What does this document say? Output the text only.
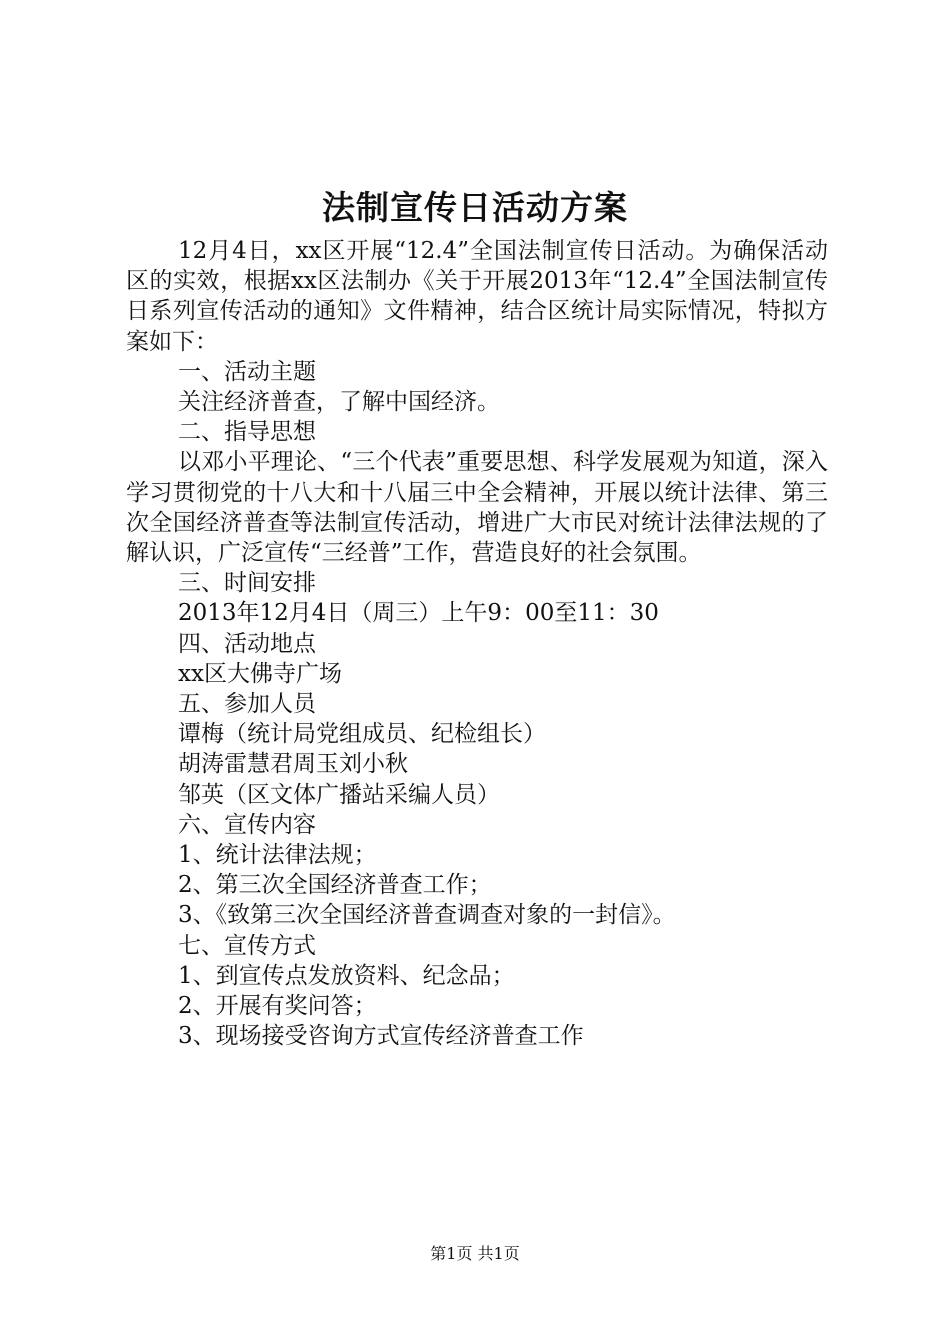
法制宣传日活动方案

12月4日，xx区开展“12.4”全国法制宣传日活动。为确保活动区的实效，根据xx区法制办《关于开展2013年“12.4”全国法制宣传日系列宣传活动的通知》文件精神，结合区统计局实际情况，特拟方案如下：

一、活动主题

关注经济普查，了解中国经济。

二、指导思想

以邓小平理论、“三个代表”重要思想、科学发展观为知道，深入学习贯彻党的十八大和十八届三中全会精神，开展以统计法律、第三次全国经济普查等法制宣传活动，增进广大市民对统计法律法规的了解认识，广泛宣传“三经普”工作，营造良好的社会氛围。

三、时间安排

2013年12月4日（周三）上午9：00至11：30

四、活动地点

xx区大佛寺广场

五、参加人员

谭梅（统计局党组成员、纪检组长）

胡涛雷慧君周玉刘小秋

邹英（区文体广播站采编人员）

六、宣传内容

1、统计法律法规；

2、第三次全国经济普查工作；

3、《致第三次全国经济普查调查对象的一封信》。

七、宣传方式

1、到宣传点发放资料、纪念品；

2、开展有奖问答；

3、现场接受咨询方式宣传经济普查工作

第1页 共1页
